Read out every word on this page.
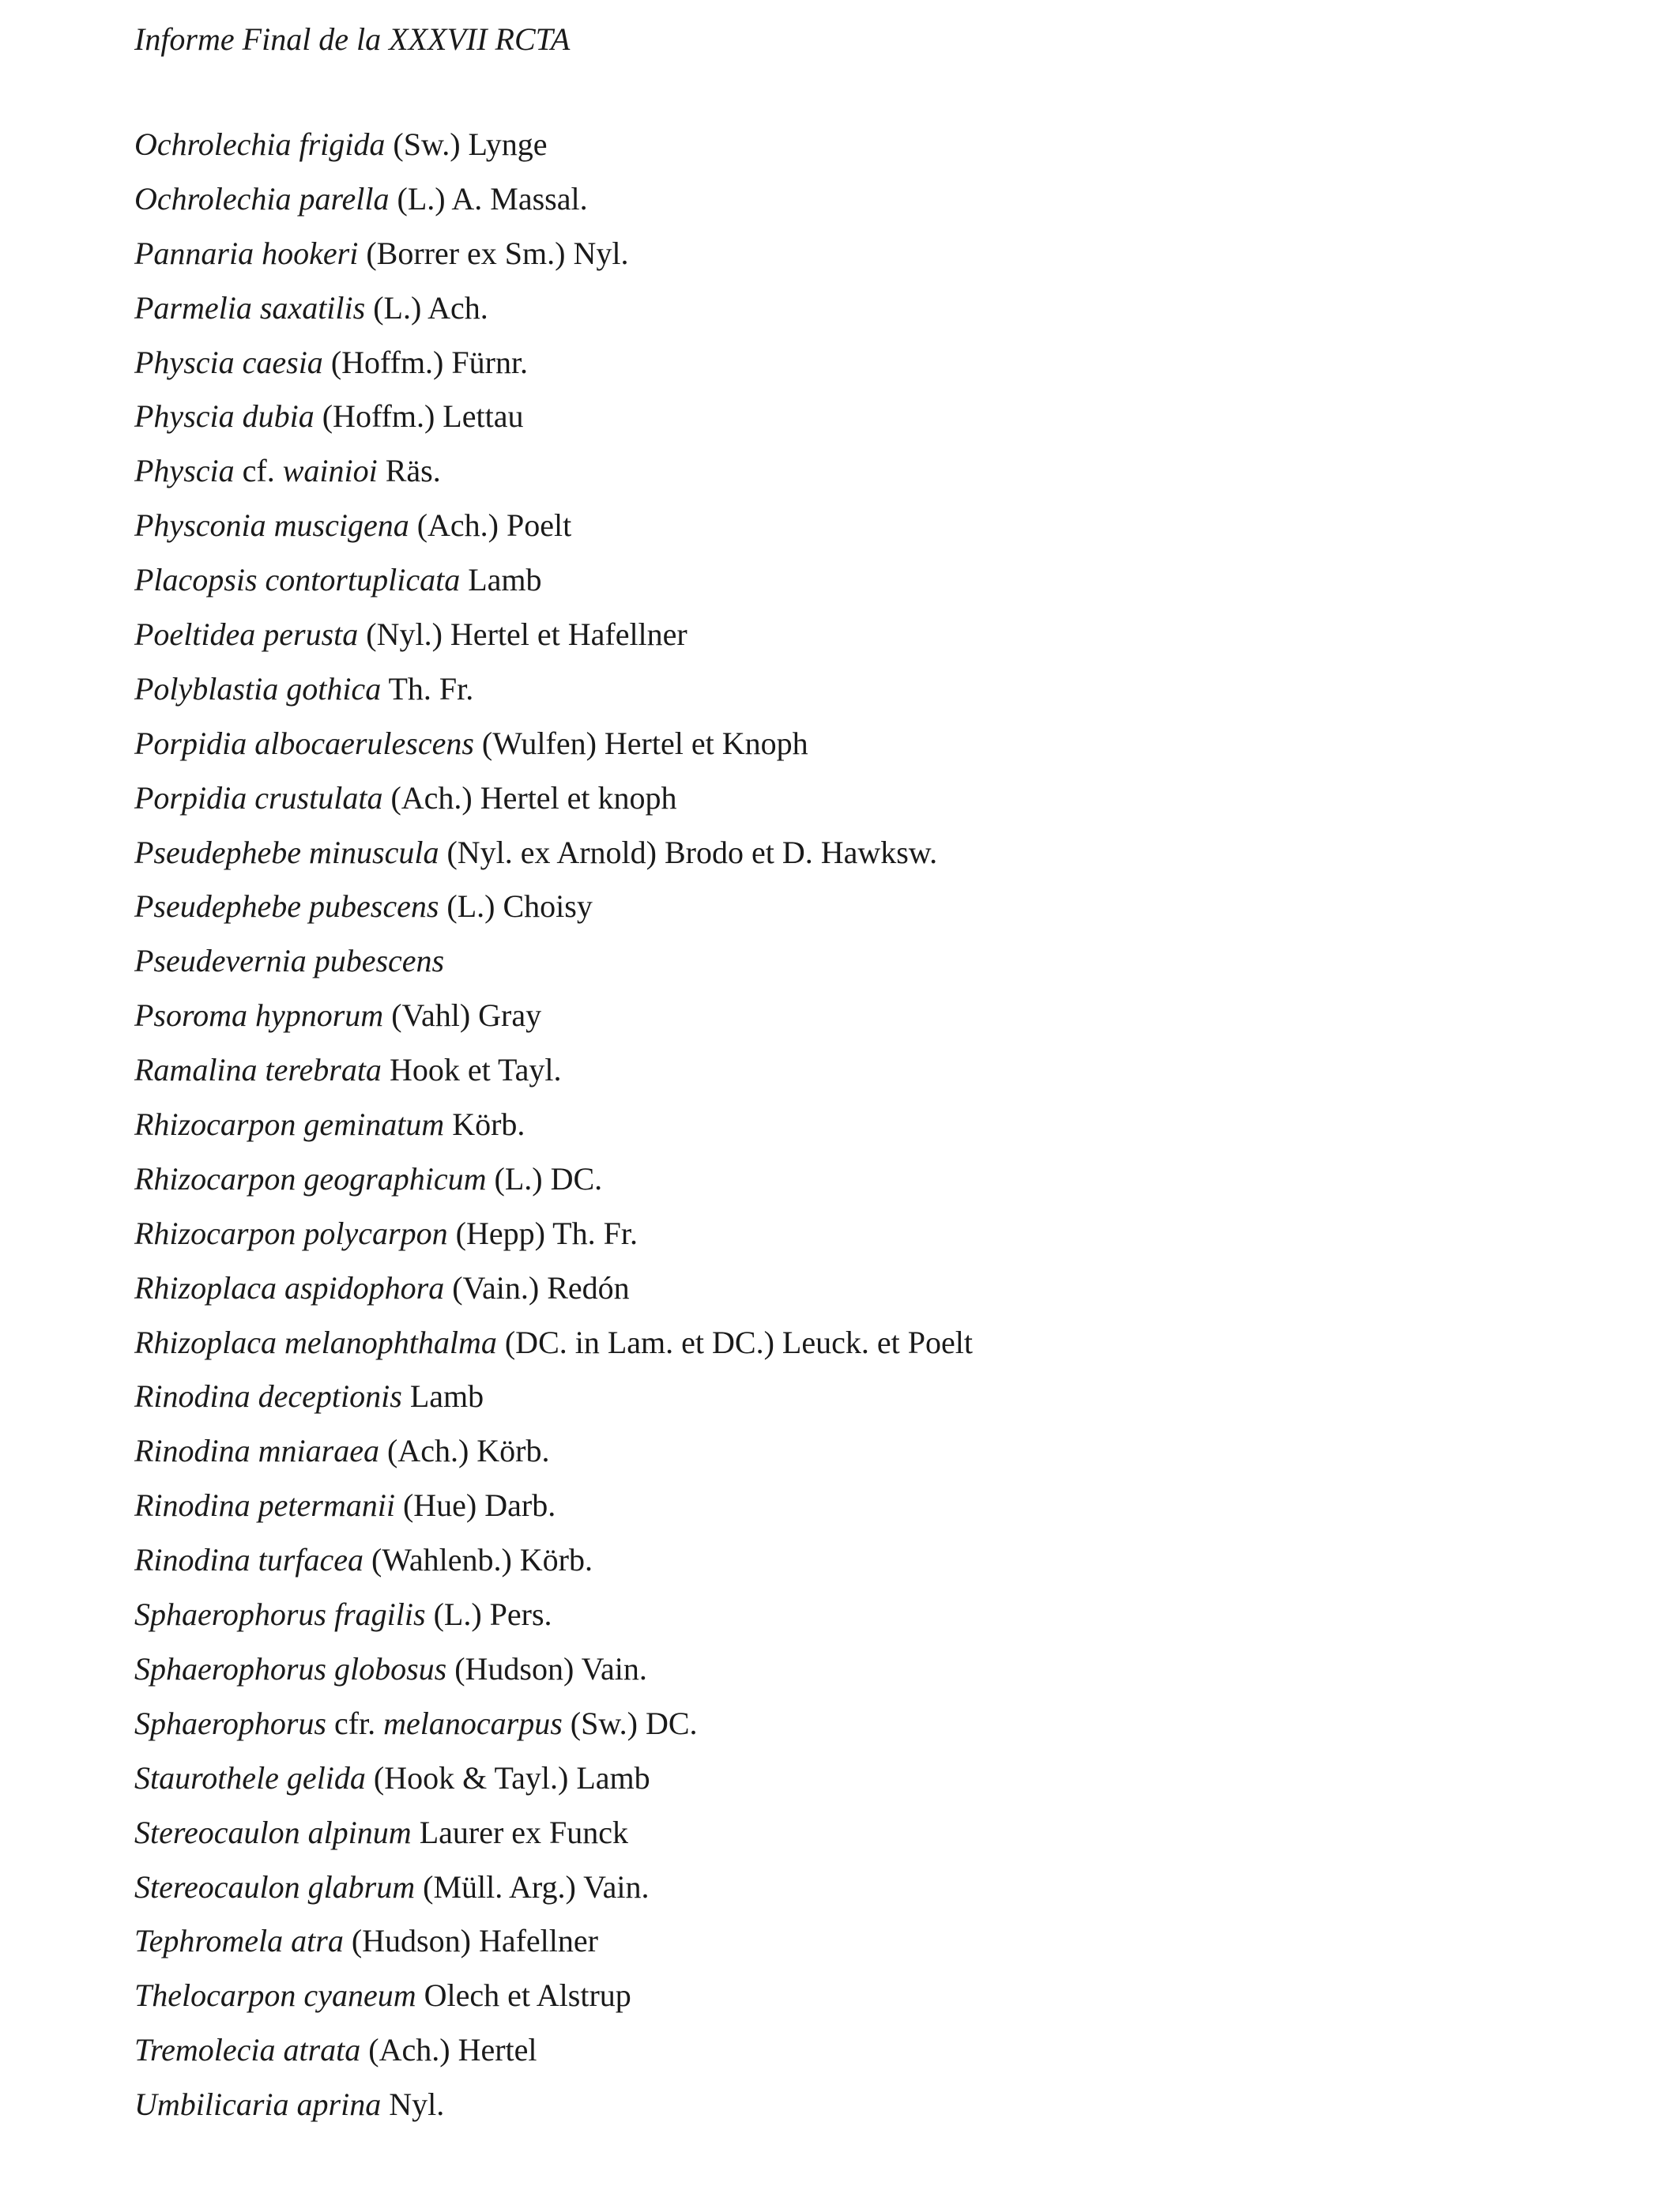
Informe Final de la XXXVII RCTA
Ochrolechia frigida (Sw.) Lynge
Ochrolechia parella (L.) A. Massal.
Pannaria hookeri (Borrer ex Sm.) Nyl.
Parmelia saxatilis (L.) Ach.
Physcia caesia (Hoffm.) Fürnr.
Physcia dubia (Hoffm.) Lettau
Physcia cf. wainioi Räs.
Physconia muscigena (Ach.) Poelt
Placopsis contortuplicata Lamb
Poeltidea perusta (Nyl.) Hertel et Hafellner
Polyblastia gothica Th. Fr.
Porpidia albocaerulescens (Wulfen) Hertel et Knoph
Porpidia crustulata (Ach.) Hertel et knoph
Pseudephebe minuscula (Nyl. ex Arnold) Brodo et D. Hawksw.
Pseudephebe pubescens (L.) Choisy
Pseudevernia pubescens
Psoroma hypnorum (Vahl) Gray
Ramalina terebrata Hook et Tayl.
Rhizocarpon geminatum Körb.
Rhizocarpon geographicum (L.) DC.
Rhizocarpon polycarpon (Hepp) Th. Fr.
Rhizoplaca aspidophora (Vain.) Redón
Rhizoplaca melanophthalma (DC. in Lam. et DC.) Leuck. et Poelt
Rinodina deceptionis Lamb
Rinodina mniaraea (Ach.) Körb.
Rinodina petermanii (Hue) Darb.
Rinodina turfacea (Wahlenb.) Körb.
Sphaerophorus fragilis (L.) Pers.
Sphaerophorus globosus (Hudson) Vain.
Sphaerophorus cfr. melanocarpus (Sw.) DC.
Staurothele gelida (Hook & Tayl.) Lamb
Stereocaulon alpinum Laurer ex Funck
Stereocaulon glabrum (Müll. Arg.) Vain.
Tephromela atra (Hudson) Hafellner
Thelocarpon cyaneum Olech et Alstrup
Tremolecia atrata (Ach.) Hertel
Umbilicaria aprina Nyl.
